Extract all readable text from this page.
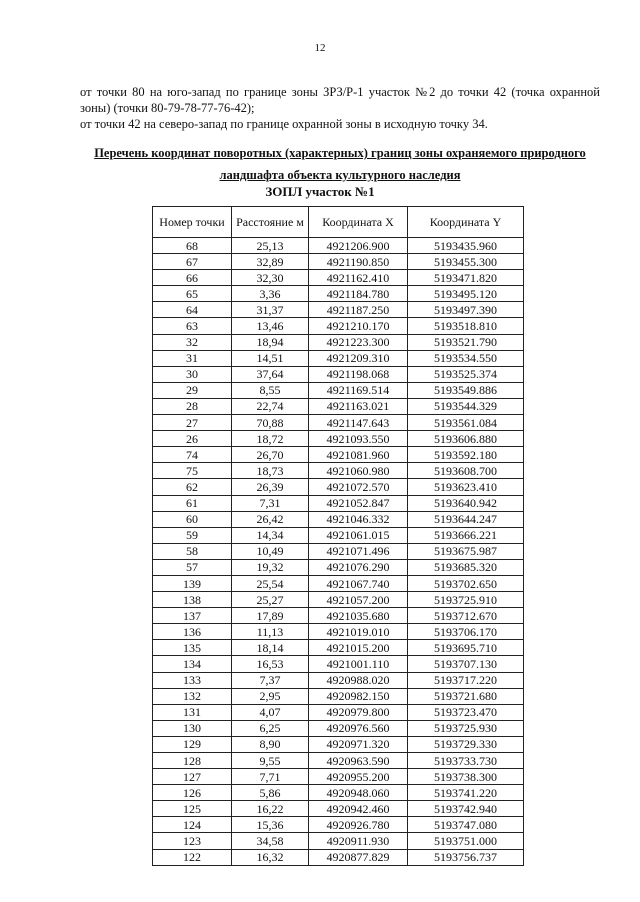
12
от точки 80 на юго-запад по границе зоны ЗРЗ/Р-1 участок №2 до точки 42 (точка охранной зоны) (точки 80-79-78-77-76-42);
от точки 42 на северо-запад по границе охранной зоны в исходную точку 34.
Перечень координат поворотных (характерных) границ зоны охраняемого природного
ландшафта объекта культурного наследия
ЗОПЛ участок №1
Номер точки	Расстояние м	Координата X	Координата Y
68	25,13	4921206.900	5193435.960
67	32,89	4921190.850	5193455.300
66	32,30	4921162.410	5193471.820
65	3,36	4921184.780	5193495.120
64	31,37	4921187.250	5193497.390
63	13,46	4921210.170	5193518.810
32	18,94	4921223.300	5193521.790
31	14,51	4921209.310	5193534.550
30	37,64	4921198.068	5193525.374
29	8,55	4921169.514	5193549.886
28	22,74	4921163.021	5193544.329
27	70,88	4921147.643	5193561.084
26	18,72	4921093.550	5193606.880
74	26,70	4921081.960	5193592.180
75	18,73	4921060.980	5193608.700
62	26,39	4921072.570	5193623.410
61	7,31	4921052.847	5193640.942
60	26,42	4921046.332	5193644.247
59	14,34	4921061.015	5193666.221
58	10,49	4921071.496	5193675.987
57	19,32	4921076.290	5193685.320
139	25,54	4921067.740	5193702.650
138	25,27	4921057.200	5193725.910
137	17,89	4921035.680	5193712.670
136	11,13	4921019.010	5193706.170
135	18,14	4921015.200	5193695.710
134	16,53	4921001.110	5193707.130
133	7,37	4920988.020	5193717.220
132	2,95	4920982.150	5193721.680
131	4,07	4920979.800	5193723.470
130	6,25	4920976.560	5193725.930
129	8,90	4920971.320	5193729.330
128	9,55	4920963.590	5193733.730
127	7,71	4920955.200	5193738.300
126	5,86	4920948.060	5193741.220
125	16,22	4920942.460	5193742.940
124	15,36	4920926.780	5193747.080
123	34,58	4920911.930	5193751.000
122	16,32	4920877.829	5193756.737
